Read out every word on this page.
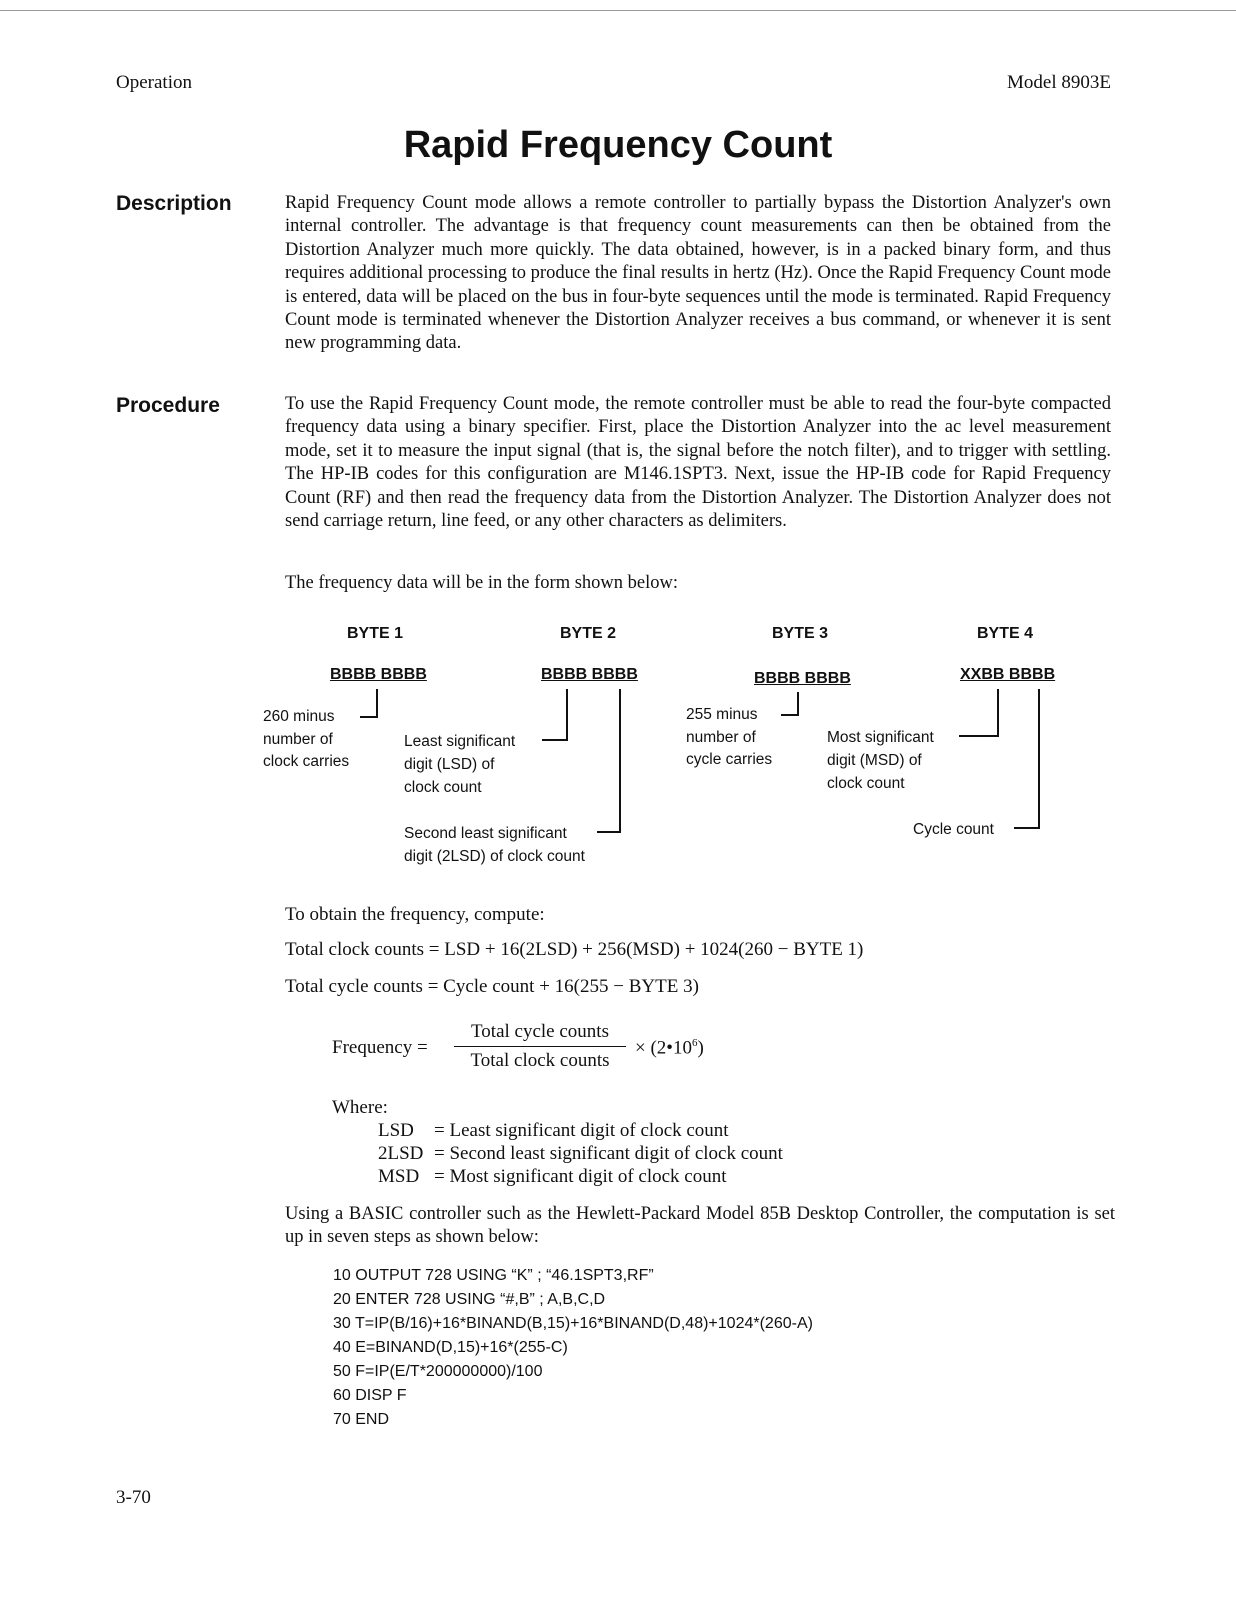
Operation	Model 8903E
Rapid Frequency Count
Description	Rapid Frequency Count mode allows a remote controller to partially bypass the Distortion Analyzer's own internal controller. The advantage is that frequency count measurements can then be obtained from the Distortion Analyzer much more quickly. The data obtained, however, is in a packed binary form, and thus requires additional processing to produce the final results in hertz (Hz). Once the Rapid Frequency Count mode is entered, data will be placed on the bus in four-byte sequences until the mode is terminated. Rapid Frequency Count mode is terminated whenever the Distortion Analyzer receives a bus command, or whenever it is sent new programming data.

Procedure	To use the Rapid Frequency Count mode, the remote controller must be able to read the four-byte compacted frequency data using a binary specifier. First, place the Distortion Analyzer into the ac level measurement mode, set it to measure the input signal (that is, the signal before the notch filter), and to trigger with settling. The HP-IB codes for this configuration are M146.1SPT3. Next, issue the HP-IB code for Rapid Frequency Count (RF) and then read the frequency data from the Distortion Analyzer. The Distortion Analyzer does not send carriage return, line feed, or any other characters as delimiters.

The frequency data will be in the form shown below:

BYTE 1	BYTE 2	BYTE 3	BYTE 4
BBBB BBBB	BBBB BBBB	BBBB BBBB	XXBB BBBB
260 minus
number of
clock carries
Least significant
digit (LSD) of
clock count
Second least significant
digit (2LSD) of clock count
255 minus
number of
cycle carries
Most significant
digit (MSD) of
clock count
Cycle count
To obtain the frequency, compute:
Total clock counts = LSD + 16(2LSD) + 256(MSD) + 1024(260 − BYTE 1)
Total cycle counts = Cycle count + 16(255 − BYTE 3)
Frequency =
Total cycle counts
Total clock counts
× $(2•10^6)$
Where:
LSD = Least significant digit of clock count
2LSD = Second least significant digit of clock count
MSD = Most significant digit of clock count

Using a BASIC controller such as the Hewlett-Packard Model 85B Desktop Controller, the computation is set up in seven steps as shown below:

10 OUTPUT 728 USING “K” ; “46.1SPT3,RF”
20 ENTER 728 USING “#,B” ; A,B,C,D
30 T=IP(B/16)+16*BINAND(B,15)+16*BINAND(D,48)+1024*(260-A)
40 E=BINAND(D,15)+16*(255-C)
50 F=IP(E/T*200000000)/100
60 DISP F
70 END
3-70
